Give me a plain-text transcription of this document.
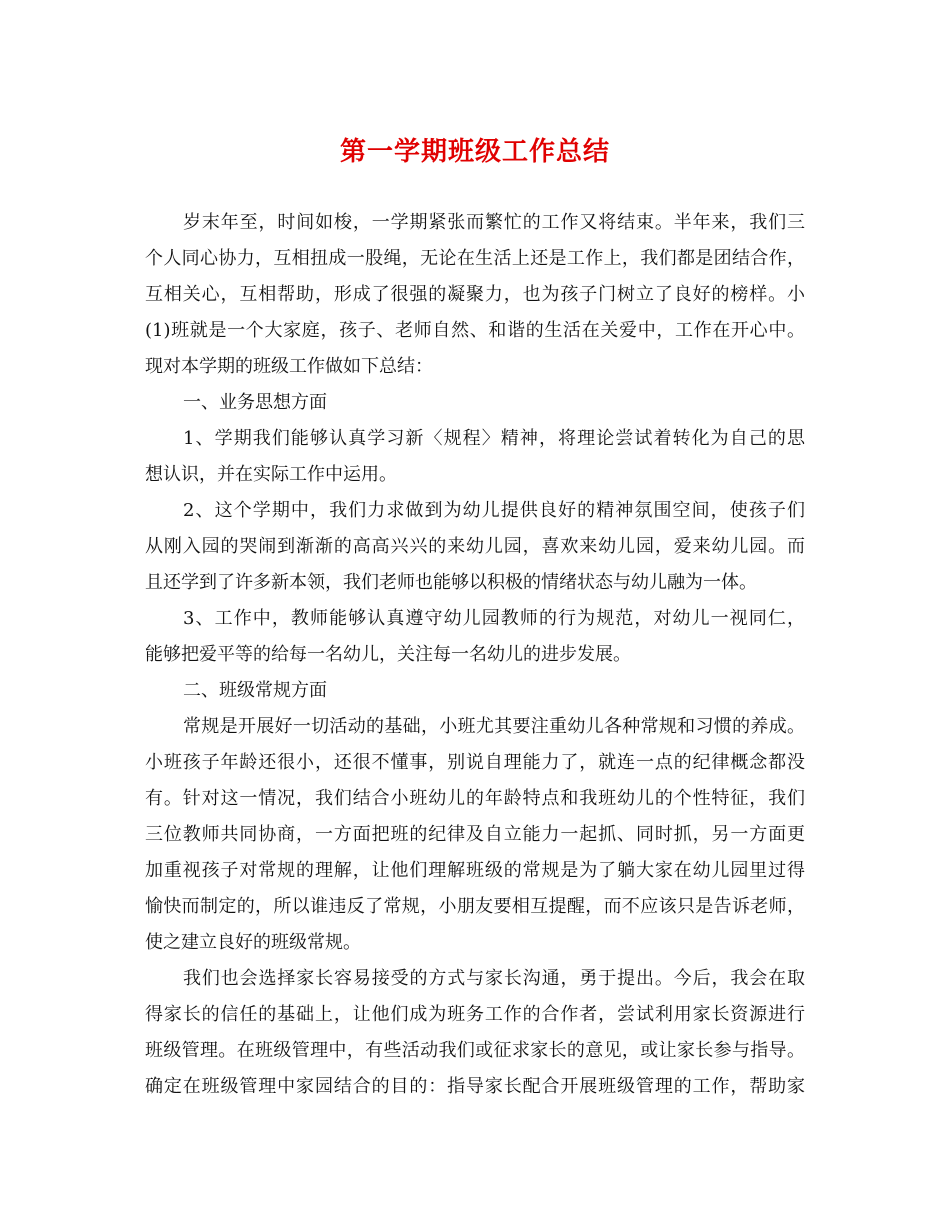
第一学期班级工作总结
岁末年至，时间如梭，一学期紧张而繁忙的工作又将结束。半年来，我们三
个人同心协力，互相扭成一股绳，无论在生活上还是工作上，我们都是团结合作，
互相关心，互相帮助，形成了很强的凝聚力，也为孩子门树立了良好的榜样。小
(1)班就是一个大家庭，孩子、老师自然、和谐的生活在关爱中，工作在开心中。
现对本学期的班级工作做如下总结：
一、业务思想方面
1、学期我们能够认真学习新〈规程〉精神，将理论尝试着转化为自己的思
想认识，并在实际工作中运用。
2、这个学期中，我们力求做到为幼儿提供良好的精神氛围空间，使孩子们
从刚入园的哭闹到渐渐的高高兴兴的来幼儿园，喜欢来幼儿园，爱来幼儿园。而
且还学到了许多新本领，我们老师也能够以积极的情绪状态与幼儿融为一体。
3、工作中，教师能够认真遵守幼儿园教师的行为规范，对幼儿一视同仁，
能够把爱平等的给每一名幼儿，关注每一名幼儿的进步发展。
二、班级常规方面
常规是开展好一切活动的基础，小班尤其要注重幼儿各种常规和习惯的养成。
小班孩子年龄还很小，还很不懂事，别说自理能力了，就连一点的纪律概念都没
有。针对这一情况，我们结合小班幼儿的年龄特点和我班幼儿的个性特征，我们
三位教师共同协商，一方面把班的纪律及自立能力一起抓、同时抓，另一方面更
加重视孩子对常规的理解，让他们理解班级的常规是为了躺大家在幼儿园里过得
愉快而制定的，所以谁违反了常规，小朋友要相互提醒，而不应该只是告诉老师，
使之建立良好的班级常规。
我们也会选择家长容易接受的方式与家长沟通，勇于提出。今后，我会在取
得家长的信任的基础上，让他们成为班务工作的合作者，尝试利用家长资源进行
班级管理。在班级管理中，有些活动我们或征求家长的意见，或让家长参与指导。
确定在班级管理中家园结合的目的：指导家长配合开展班级管理的工作，帮助家
